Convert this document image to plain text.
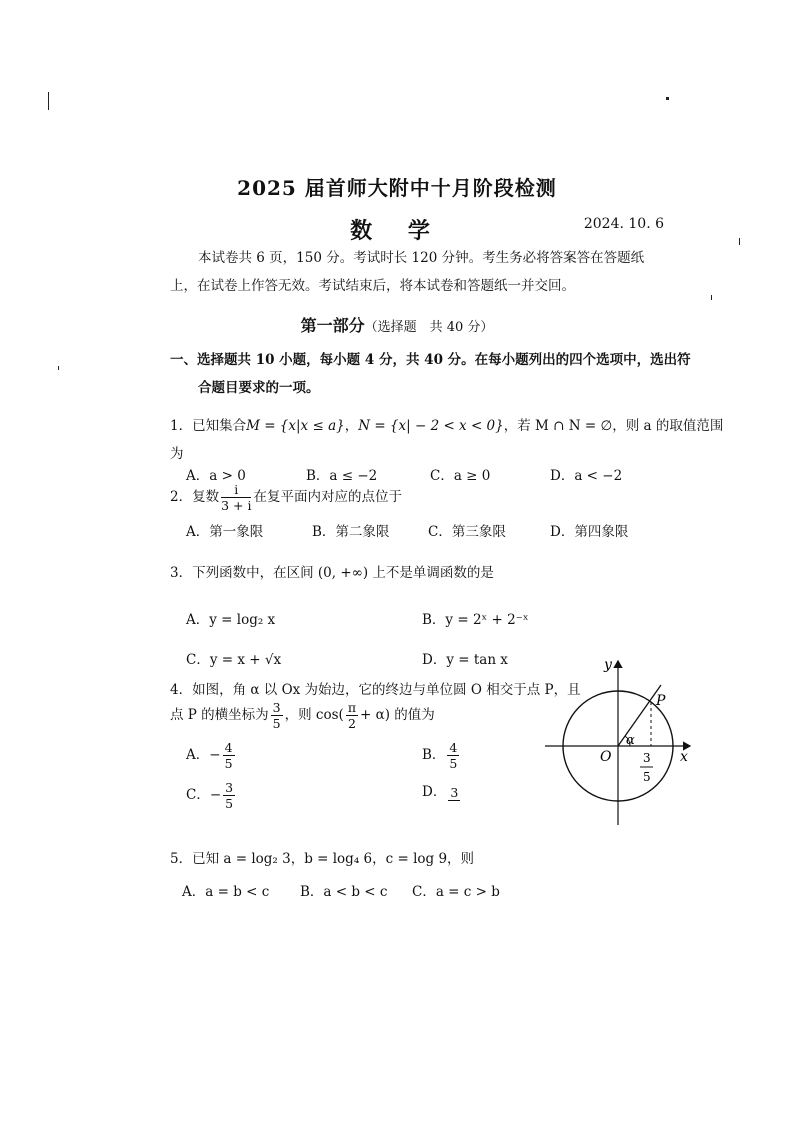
2025 届首师大附中十月阶段检测
数 学	2024. 10. 6
本试卷共 6 页，150 分。考试时长 120 分钟。考生务必将答案答在答题纸上，在试卷上作答无效。考试结束后，将本试卷和答题纸一并交回。
第一部分（选择题　共 40 分）
一、选择题共 10 小题，每小题 4 分，共 40 分。在每小题列出的四个选项中，选出符
合题目要求的一项。
1．已知集合M = {x|x ≤ a}，N = {x| − 2 < x < 0}，若 M ∩ N = ∅，则 a 的取值范围
为
A．a > 0	B．a ≤ −2	C．a ≥ 0	D．a < −2
2．复数 $\frac{i}{3 + i}$ 在复平面内对应的点位于
A．第一象限	B．第二象限	C．第三象限	D．第四象限
3．下列函数中，在区间 (0, +∞) 上不是单调函数的是
A．y = log₂ x	B．y = 2ˣ + 2⁻ˣ
C．y = x + √x	D．y = tan x
4．如图，角 α 以 Ox 为始边，它的终边与单位圆 O 相交于点 P，且
点 P 的横坐标为 $\frac{3}{5}$ ，则 $\cos( \frac{\pi}{2} + \alpha)$ 的值为
A．− $\frac{4}{5}$	B． $\frac{4}{5}$
C．− $\frac{3}{5}$	D． 3
y
x
O
P
α
3
5
5．已知 a = log₂ 3，b = log₄ 6，c = log 9，则
A．a = b < c B．a < b < c C．a = c > b
